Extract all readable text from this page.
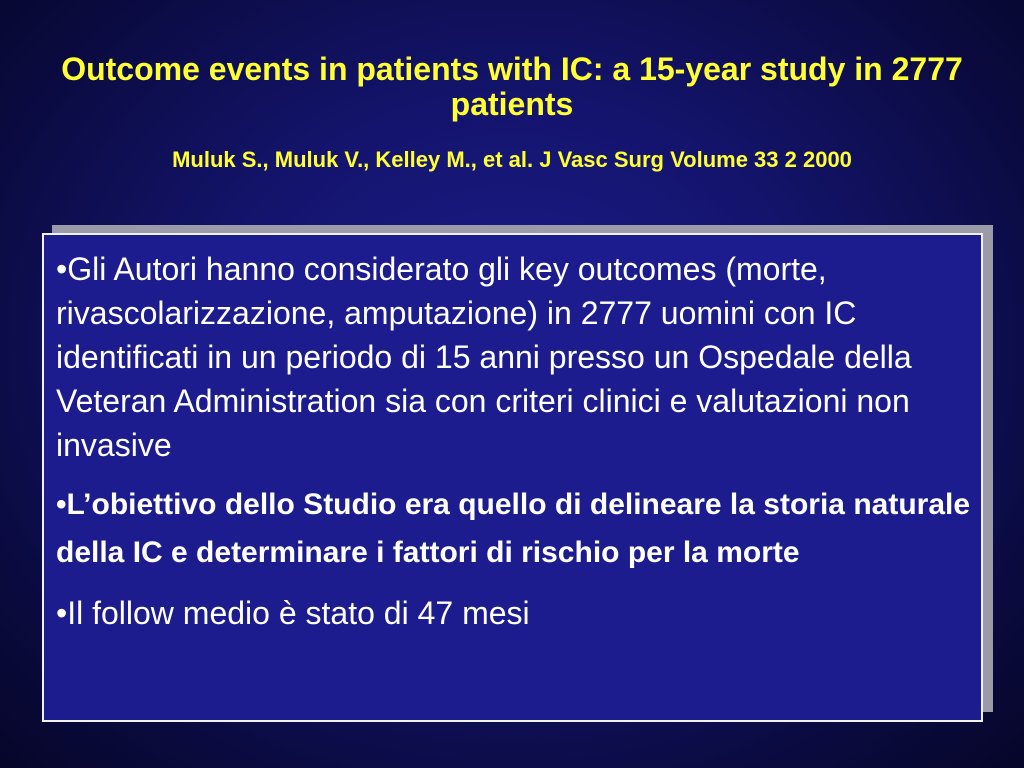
Outcome events in patients with IC: a 15-year study in 2777 patients

Muluk S., Muluk V., Kelley M., et al. J Vasc Surg Volume 33 2 2000

•Gli Autori hanno considerato gli key outcomes (morte, rivascolarizzazione, amputazione) in 2777 uomini con IC identificati in un periodo di 15 anni presso un Ospedale della Veteran Administration sia con criteri clinici e valutazioni non invasive

•L’obiettivo dello Studio era quello di delineare la storia naturale della IC e determinare i fattori di rischio per la morte

•Il follow medio è stato di 47 mesi
